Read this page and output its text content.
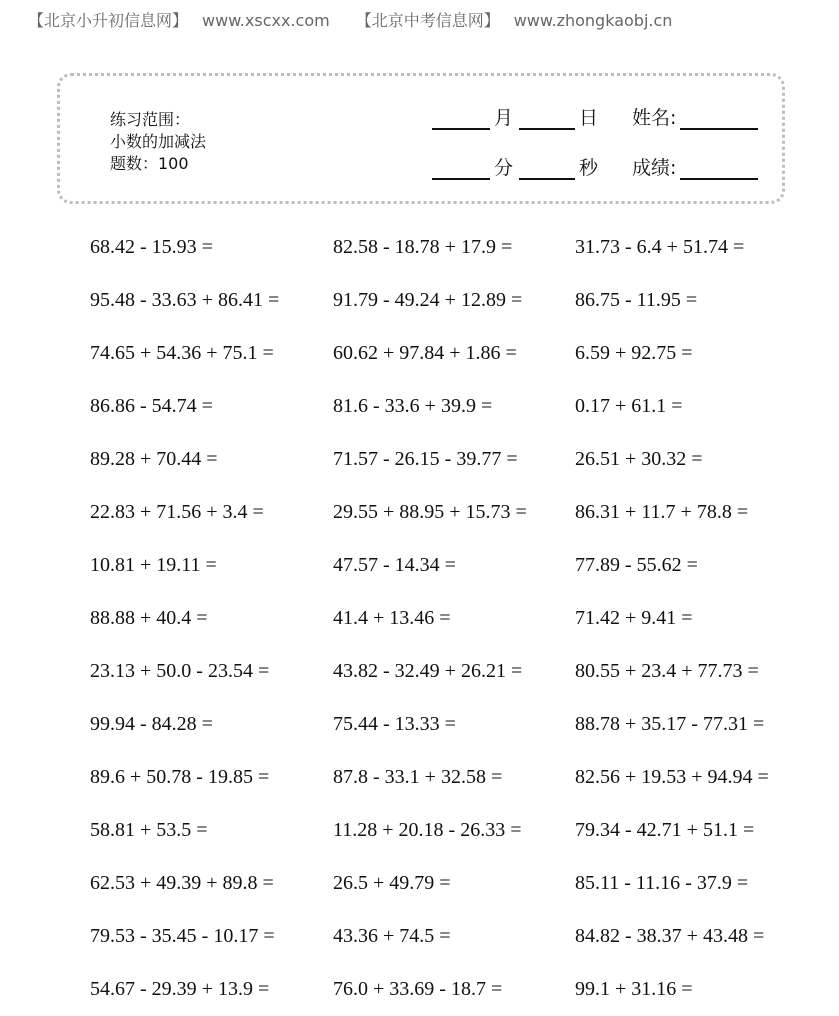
【北京小升初信息网】 www.xscxx.com 【北京中考信息网】 www.zhongkaobj.cn
练习范围：
小数的加减法
题数：100
月	日 姓名:
分	秒 成绩:
68.42 - 15.93 =	82.58 - 18.78 + 17.9 =	31.73 - 6.4 + 51.74 =
95.48 - 33.63 + 86.41 =	91.79 - 49.24 + 12.89 =	86.75 - 11.95 =
74.65 + 54.36 + 75.1 =	60.62 + 97.84 + 1.86 =	6.59 + 92.75 =
86.86 - 54.74 =	81.6 - 33.6 + 39.9 =	0.17 + 61.1 =
89.28 + 70.44 =	71.57 - 26.15 - 39.77 =	26.51 + 30.32 =
22.83 + 71.56 + 3.4 =	29.55 + 88.95 + 15.73 =	86.31 + 11.7 + 78.8 =
10.81 + 19.11 =	47.57 - 14.34 =	77.89 - 55.62 =
88.88 + 40.4 =	41.4 + 13.46 =	71.42 + 9.41 =
23.13 + 50.0 - 23.54 =	43.82 - 32.49 + 26.21 =	80.55 + 23.4 + 77.73 =
99.94 - 84.28 =	75.44 - 13.33 =	88.78 + 35.17 - 77.31 =
89.6 + 50.78 - 19.85 =	87.8 - 33.1 + 32.58 =	82.56 + 19.53 + 94.94 =
58.81 + 53.5 =	11.28 + 20.18 - 26.33 =	79.34 - 42.71 + 51.1 =
62.53 + 49.39 + 89.8 =	26.5 + 49.79 =	85.11 - 11.16 - 37.9 =
79.53 - 35.45 - 10.17 =	43.36 + 74.5 =	84.82 - 38.37 + 43.48 =
54.67 - 29.39 + 13.9 =	76.0 + 33.69 - 18.7 =	99.1 + 31.16 =
